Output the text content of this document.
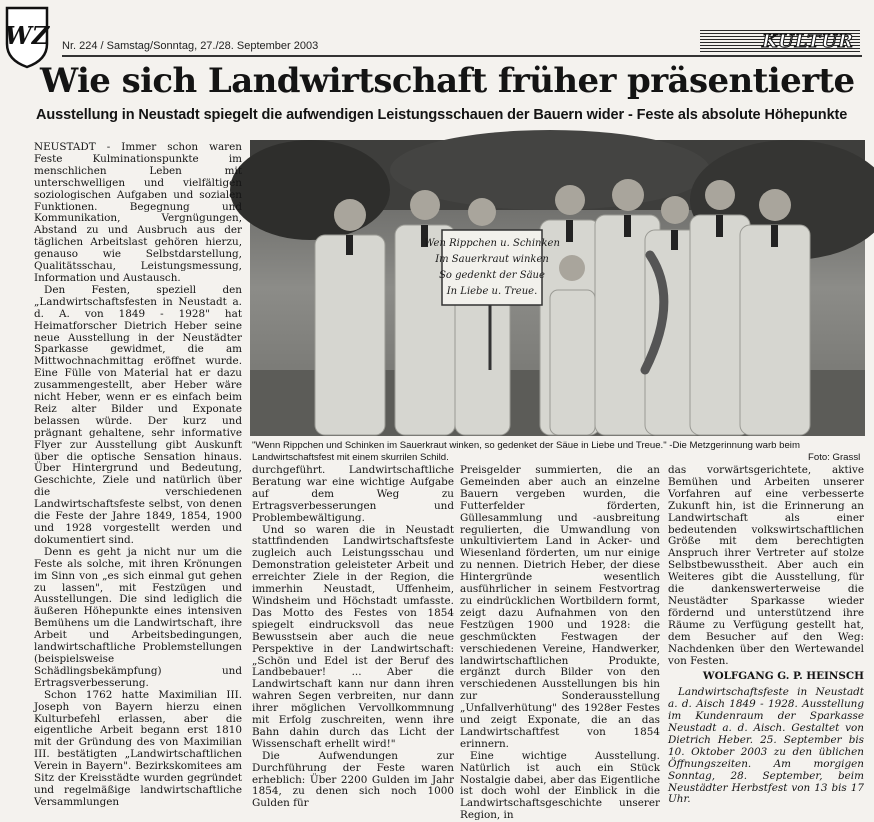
WZ Nr. 224 / Samstag/Sonntag, 27./28. September 2003	KULTUR
Wie sich Landwirtschaft früher präsentierte
Ausstellung in Neustadt spiegelt die aufwendigen Leistungsschauen der Bauern wider - Feste als absolute Höhepunkte
Wen Rippchen u. Schinken
Im Sauerkraut winken
So gedenkt der Säue
In Liebe u. Treue.
"Wenn Rippchen und Schinken im Sauerkraut winken, so gedenket der Säue in Liebe und Treue." -Die Metzgerinnung warb beim Landwirtschaftsfest mit einem skurrilen Schild.	Foto: Grassl

NEUSTADT - Immer schon waren Feste Kulminationspunkte im menschlichen Leben mit unterschwelligen und vielfältigen soziologischen Aufgaben und sozialen Funktionen. Begegnung und Kommunikation, Vergnügungen, Abstand zu und Ausbruch aus der täglichen Arbeitslast gehören hierzu, genauso wie Selbstdarstellung, Qualitätsschau, Leistungsmessung, Information und Austausch.

Den Festen, speziell den „Landwirtschaftsfesten in Neustadt a. d. A. von 1849 - 1928" hat Heimatforscher Dietrich Heber seine neue Ausstellung in der Neustädter Sparkasse gewidmet, die am Mittwochnachmittag eröffnet wurde. Eine Fülle von Material hat er dazu zusammengestellt, aber Heber wäre nicht Heber, wenn er es einfach beim Reiz alter Bilder und Exponate belassen würde. Der kurz und prägnant gehaltene, sehr informative Flyer zur Ausstellung gibt Auskunft über die optische Sensation hinaus. Über Hintergrund und Bedeutung, Geschichte, Ziele und natürlich über die verschiedenen Landwirtschaftsfeste selbst, von denen die Feste der Jahre 1849, 1854, 1900 und 1928 vorgestellt werden und dokumentiert sind.

Denn es geht ja nicht nur um die Feste als solche, mit ihren Krönungen im Sinn von „es sich einmal gut gehen zu lassen", mit Festzügen und Ausstellungen. Die sind lediglich die äußeren Höhepunkte eines intensiven Bemühens um die Landwirtschaft, ihre Arbeit und Arbeitsbedingungen, landwirtschaftliche Problemstellungen (beispielsweise Schädlingsbekämpfung) und Ertragsverbesserung.

Schon 1762 hatte Maximilian III. Joseph von Bayern hierzu einen Kulturbefehl erlassen, aber die eigentliche Arbeit begann erst 1810 mit der Gründung des von Maximilian III. bestätigten „Landwirtschaftlichen Verein in Bayern". Bezirkskomitees am Sitz der Kreisstädte wurden gegründet und regelmäßige landwirtschaftliche Versammlungen

durchgeführt. Landwirtschaftliche Beratung war eine wichtige Aufgabe auf dem Weg zu Ertragsverbesserungen und Problembewältigung.

Und so waren die in Neustadt stattfindenden Landwirtschaftsfeste zugleich auch Leistungsschau und Demonstration geleisteter Arbeit und erreichter Ziele in der Region, die immerhin Neustadt, Uffenheim, Windsheim und Höchstadt umfasste. Das Motto des Festes von 1854 spiegelt eindrucksvoll das neue Bewusstsein aber auch die neue Perspektive in der Landwirtschaft: „Schön und Edel ist der Beruf des Landbebauer! ... Aber die Landwirtschaft kann nur dann ihren wahren Segen verbreiten, nur dann ihrer möglichen Vervollkommnung mit Erfolg zuschreiten, wenn ihre Bahn dahin durch das Licht der Wissenschaft erhellt wird!"

Die Aufwendungen zur Durchführung der Feste waren erheblich: Über 2200 Gulden im Jahr 1854, zu denen sich noch 1000 Gulden für

Preisgelder summierten, die an Gemeinden aber auch an einzelne Bauern vergeben wurden, die Futterfelder förderten, Güllesammlung und -ausbreitung regulierten, die Umwandlung von unkultiviertem Land in Acker- und Wiesenland förderten, um nur einige zu nennen. Dietrich Heber, der diese Hintergründe wesentlich ausführlicher in seinem Festvortrag zu eindrücklichen Wortbildern formt, zeigt dazu Aufnahmen von den Festzügen 1900 und 1928: die geschmückten Festwagen der verschiedenen Vereine, Handwerker, landwirtschaftlichen Produkte, ergänzt durch Bilder von den verschiedenen Ausstellungen bis hin zur Sonderausstellung „Unfallverhütung" des 1928er Festes und zeigt Exponate, die an das Landwirtschaftfest von 1854 erinnern.

Eine wichtige Ausstellung. Natürlich ist auch ein Stück Nostalgie dabei, aber das Eigentliche ist doch wohl der Einblick in die Landwirtschaftsgeschichte unserer Region, in

das vorwärtsgerichtete, aktive Bemühen und Arbeiten unserer Vorfahren auf eine verbesserte Zukunft hin, ist die Erinnerung an Landwirtschaft als einer bedeutenden volkswirtschaftlichen Größe mit dem berechtigten Anspruch ihrer Vertreter auf stolze Selbstbewusstheit. Aber auch ein Weiteres gibt die Ausstellung, für die dankenswerterweise die Neustädter Sparkasse wieder fördernd und unterstützend ihre Räume zu Verfügung gestellt hat, dem Besucher auf den Weg: Nachdenken über den Wertewandel von Festen.

WOLFGANG G. P. HEINSCH

Landwirtschaftsfeste in Neustadt a. d. Aisch 1849 - 1928. Ausstellung im Kundenraum der Sparkasse Neustadt a. d. Aisch. Gestaltet von Dietrich Heber. 25. September bis 10. Oktober 2003 zu den üblichen Öffnungszeiten. Am morgigen Sonntag, 28. September, beim Neustädter Herbstfest von 13 bis 17 Uhr.
